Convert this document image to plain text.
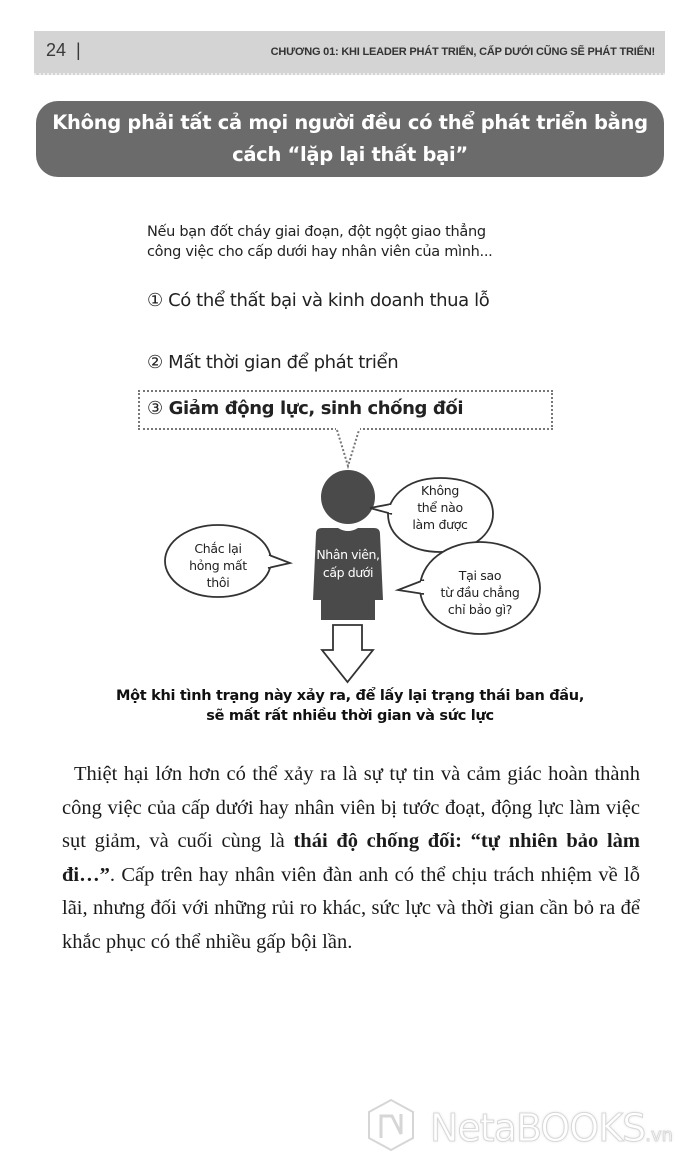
24 |	CHƯƠNG 01: KHI LEADER PHÁT TRIỂN, CẤP DƯỚI CŨNG SẼ PHÁT TRIỂN!
Không phải tất cả mọi người đều có thể phát triển bằng
cách “lặp lại thất bại”
Nếu bạn đốt cháy giai đoạn, đột ngột giao thẳng
công việc cho cấp dưới hay nhân viên của mình...
① Có thể thất bại và kinh doanh thua lỗ
② Mất thời gian để phát triển
③ Giảm động lực, sinh chống đối
Nhân viên,
cấp dưới
Không
thể nào
làm được
Chắc lại
hỏng mất
thôi	Tại sao
từ đầu chẳng
chỉ bảo gì?
Một khi tình trạng này xảy ra, để lấy lại trạng thái ban đầu,
sẽ mất rất nhiều thời gian và sức lực
Thiệt hại lớn hơn có thể xảy ra là sự tự tin và cảm giác hoàn thành công việc của cấp dưới hay nhân viên bị tước đoạt, động lực làm việc sụt giảm, và cuối cùng là thái độ chống đối: “tự nhiên bảo làm đi…”. Cấp trên hay nhân viên đàn anh có thể chịu trách nhiệm về lỗ lãi, nhưng đối với những rủi ro khác, sức lực và thời gian cần bỏ ra để khắc phục có thể nhiều gấp bội lần.
NetaBOOKS.vn
